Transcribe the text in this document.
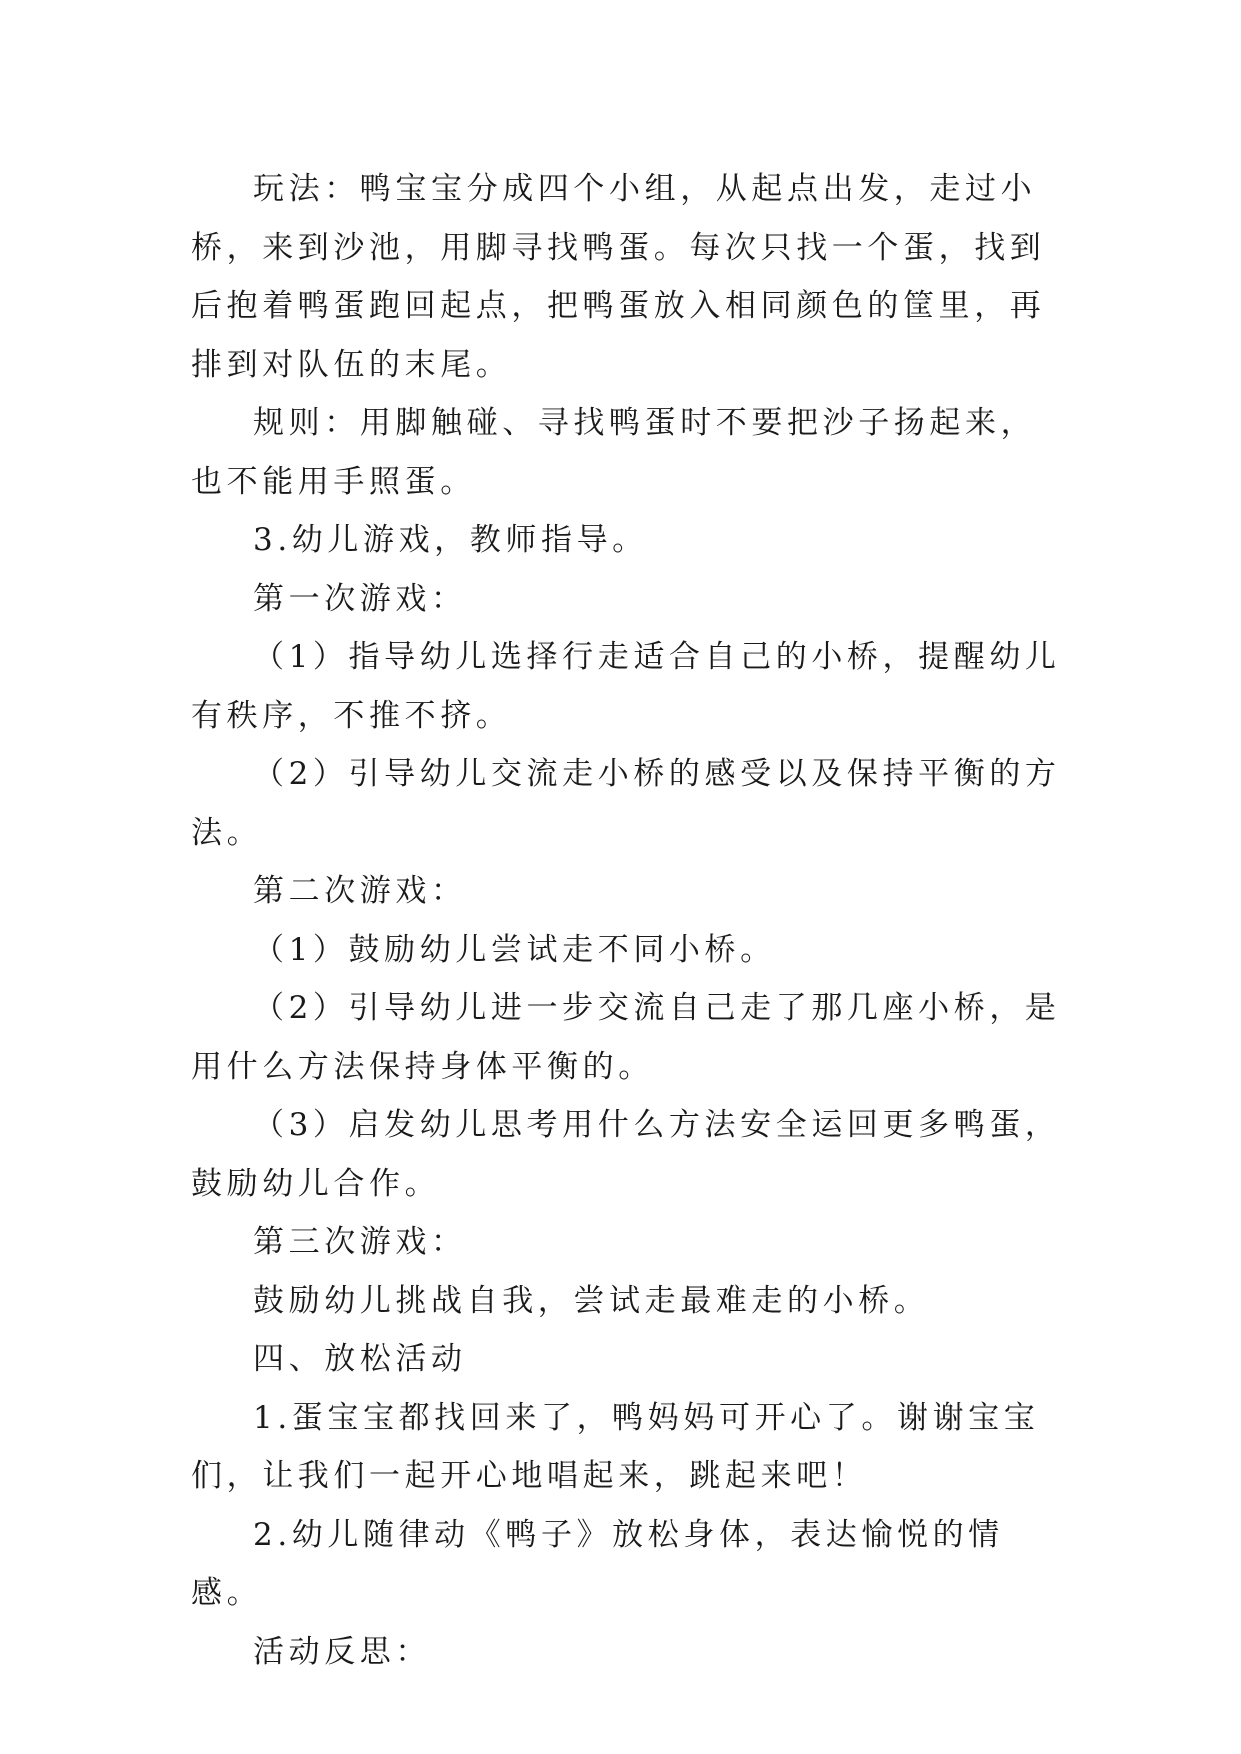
玩法：鸭宝宝分成四个小组，从起点出发，走过小桥，来到沙池，用脚寻找鸭蛋。每次只找一个蛋，找到后抱着鸭蛋跑回起点，把鸭蛋放入相同颜色的筐里，再排到对队伍的末尾。

规则：用脚触碰、寻找鸭蛋时不要把沙子扬起来，也不能用手照蛋。

3.幼儿游戏，教师指导。

第一次游戏：

（1）指导幼儿选择行走适合自己的小桥，提醒幼儿有秩序，不推不挤。

（2）引导幼儿交流走小桥的感受以及保持平衡的方法。

第二次游戏：

（1）鼓励幼儿尝试走不同小桥。

（2）引导幼儿进一步交流自己走了那几座小桥，是用什么方法保持身体平衡的。

（3）启发幼儿思考用什么方法安全运回更多鸭蛋，鼓励幼儿合作。

第三次游戏：

鼓励幼儿挑战自我，尝试走最难走的小桥。

四、放松活动

1.蛋宝宝都找回来了，鸭妈妈可开心了。谢谢宝宝们，让我们一起开心地唱起来，跳起来吧！

2.幼儿随律动《鸭子》放松身体，表达愉悦的情感。

活动反思：
